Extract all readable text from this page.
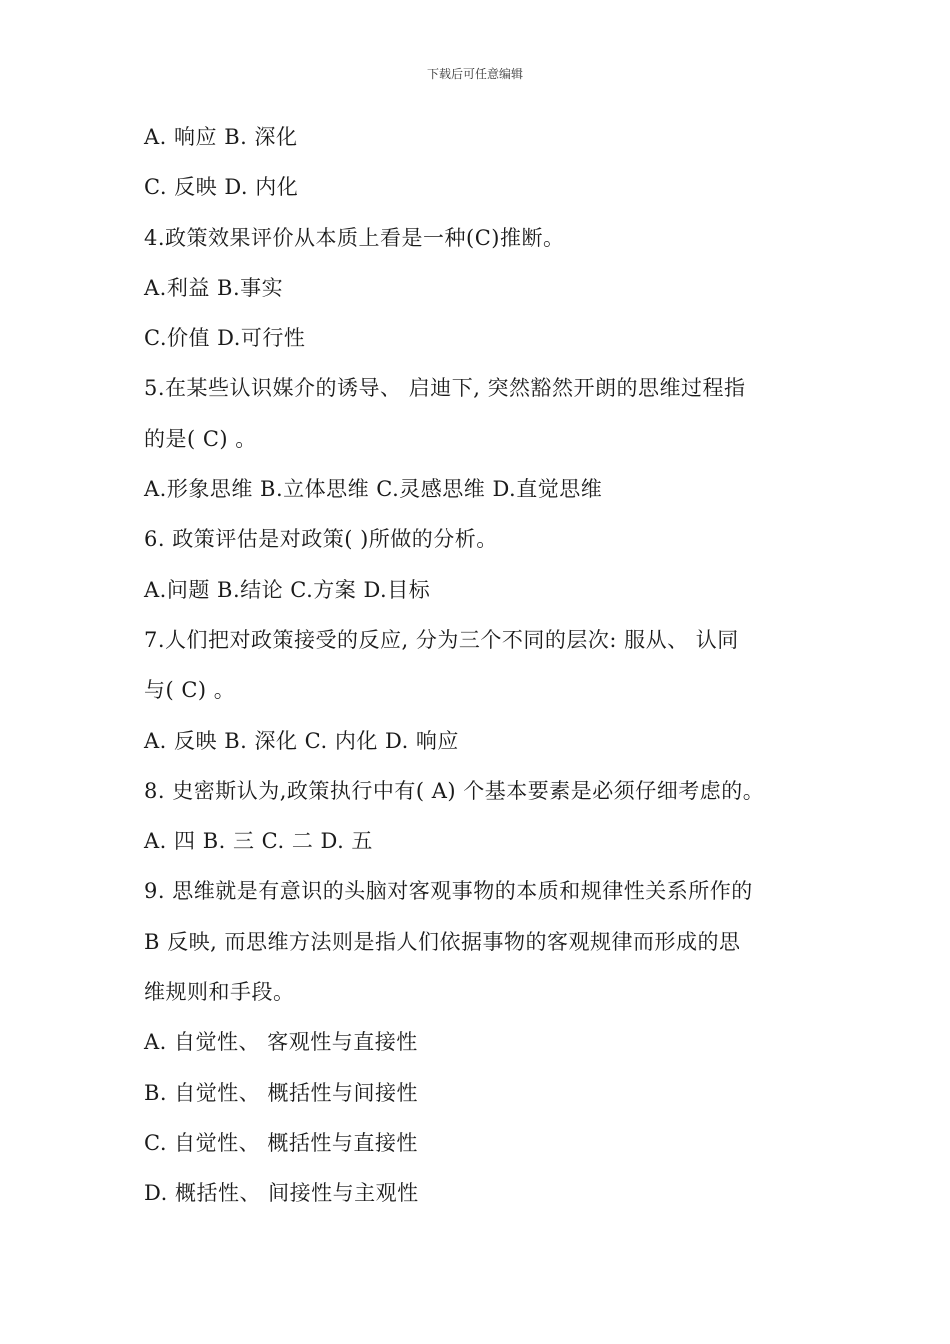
下载后可任意编辑
A. 响应 B. 深化
C. 反映 D. 内化
4.政策效果评价从本质上看是一种(C)推断。
A.利益 B.事实
C.价值 D.可行性
5.在某些认识媒介的诱导、 启迪下, 突然豁然开朗的思维过程指
的是( C) 。
A.形象思维 B.立体思维 C.灵感思维 D.直觉思维
6. 政策评估是对政策( )所做的分析。
A.问题 B.结论 C.方案 D.目标
7.人们把对政策接受的反应, 分为三个不同的层次: 服从、 认同
与( C) 。
A. 反映 B. 深化 C. 内化 D. 响应
8. 史密斯认为,政策执行中有( A) 个基本要素是必须仔细考虑的。
A. 四 B. 三 C. 二 D. 五
9. 思维就是有意识的头脑对客观事物的本质和规律性关系所作的
B 反映, 而思维方法则是指人们依据事物的客观规律而形成的思
维规则和手段。
A. 自觉性、 客观性与直接性
B. 自觉性、 概括性与间接性
C. 自觉性、 概括性与直接性
D. 概括性、 间接性与主观性
